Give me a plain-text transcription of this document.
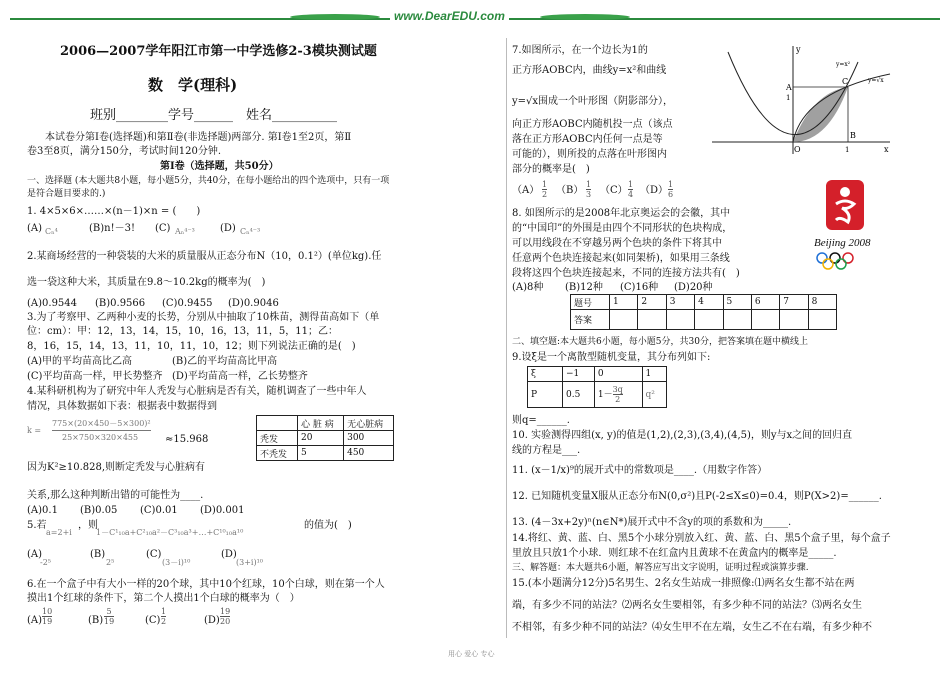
www.DearEDU.com
2006—2007学年阳江市第一中学选修2-3模块测试题
数　学(理科)
班别________学号______ 姓名__________
本试卷分第Ⅰ卷(选择题)和第Ⅱ卷(非选择题)两部分. 第Ⅰ卷1至2页，第Ⅱ
卷3至8页，满分150分，考试时间120分钟.
第Ⅰ卷（选择题，共50分）
一、选择题 (本大题共8小题，每小题5分，共40分，在每小题给出的四个选项中，只有一项
是符合题目要求的.)
1. 4×5×6×……×(n－1)×n = (　　)
(A) Cₙ⁴	(B)n!－3! (C) Aₙ⁴⁻³	(D) Cₙ⁴⁻³
2.某商场经营的一种袋装的大米的质量服从正态分布N（10，0.1²）(单位kg).任
选一袋这种大米，其质量在9.8～10.2kg的概率为(　)
(A)0.9544 (B)0.9566 (C)0.9455 (D)0.9046
3.为了考察甲、乙两种小麦的长势，分别从中抽取了10株苗，测得苗高如下（单
位：cm）：甲：12，13，14，15，10，16，13，11，5，11；乙：
8，16，15，14，13，11，10，11，10，12；则下列说法正确的是(　)
(A)甲的平均苗高比乙高	(B)乙的平均苗高比甲高
(C)平均苗高一样，甲长势整齐 (D)平均苗高一样，乙长势整齐
4.某科研机构为了研究中年人秃发与心脏病是否有关，随机调查了一些中年人
情况，具体数据如下表：根据表中数据得到
k =
775×(20×450－5×300)²
25×750×320×455	≈15.968
	心 脏 病	无心脏病
秃发	20	300
不秃发	5	450
因为K²≥10.828,则断定秃发与心脏病有
关系,那么这种判断出错的可能性为____.
(A)0.1 (B)0.05 (C)0.01 (D)0.001
5.若
a=2+i
，则
1－C¹₁₀a+C²₁₀a²－C³₁₀a³+…+C¹⁰₁₀a¹⁰
的值为(　)
(A)
-2⁵
(B)
2⁵
(C)
(3－i)¹⁰
(D)
(3+i)¹⁰
6.在一个盒子中有大小一样的20个球，其中10个红球，10个白球，则在第一个人
摸出1个红球的条件下，第二个人摸出1个白球的概率为（　）
$(A) \frac{10}{19}$	$(B) \frac{5}{19}$	$(C) \frac{1}{2}$	$(D) \frac{19}{20}$
7.如图所示，在一个边长为1的
正方形AOBC内，曲线y=x²和曲线
y=√x围成一个叶形图（阴影部分），
向正方形AOBC内随机投一点（该点
落在正方形AOBC内任何一点是等
可能的），则所投的点落在叶形图内
部分的概率是(　)
$(A) \frac{1}{2} (B) \frac{1}{3} (C) \frac{1}{4} (D) \frac{1}{6}$
y
x
O
A
B
C
1
1
y=x²
y=√x
8. 如图所示的是2008年北京奥运会的会徽，其中
的“中国印”的外围是由四个不同形状的色块构成，
可以用线段在不穿越另两个色块的条件下将其中
任意两个色块连接起来(如同架桥)，如果用三条线
段将这四个色块连接起来，不同的连接方法共有(　)
(A)8种 (B)12种 (C)16种 (D)20种
Beijing 2008
题号	1	2	3	4	5	6	7	8
答案								
二、填空题:本大题共6小题，每小题5分，共30分，把答案填在题中横线上
9.设ξ是一个离散型随机变量，其分布列如下:
ξ	−1	0	1
P	0.5	$1- \frac{3q}{2}$	q²
则q=______.
10. 实验测得四组(x, y)的值是(1,2),(2,3),(3,4),(4,5)，则y与x之间的回归直
线的方程是___.
11. (x－1/x)⁹的展开式中的常数项是____.（用数字作答）
12. 已知随机变量X服从正态分布N(0,σ²)且P(-2≤X≤0)=0.4，则P(X>2)=______.
13. (4－3x+2y)ⁿ(n∈N*)展开式中不含y的项的系数和为_____.
14.将红、黄、蓝、白、黑5个小球分别放入红、黄、蓝、白、黑5个盒子里，每个盒子
里放且只放1个小球．则红球不在红盒内且黄球不在黄盒内的概率是_____.
三、解答题：本大题共6小题，解答应写出文字说明，证明过程或演算步骤.
15.(本小题满分12分)5名男生、2名女生站成一排照像:⑴两名女生都不站在两
端，有多少不同的站法？⑵两名女生要相邻，有多少种不同的站法？⑶两名女生
不相邻，有多少种不同的站法？⑷女生甲不在左端，女生乙不在右端，有多少种不
用心 爱心 专心
